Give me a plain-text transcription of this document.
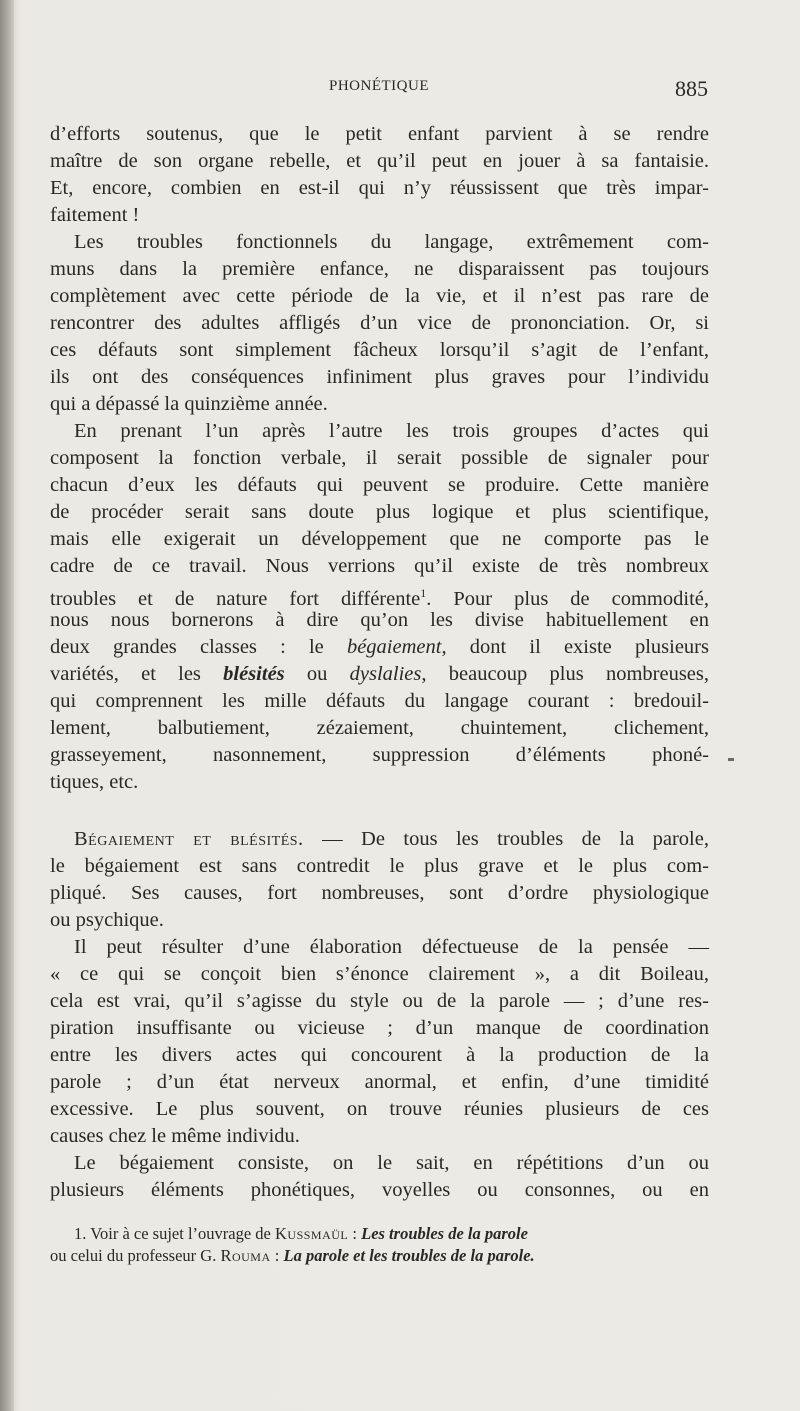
PHONÉTIQUE	885
d’efforts soutenus, que le petit enfant parvient à se rendre
maître de son organe rebelle, et qu’il peut en jouer à sa fantaisie.
Et, encore, combien en est-il qui n’y réussissent que très impar-
faitement !
Les troubles fonctionnels du langage, extrêmement com-
muns dans la première enfance, ne disparaissent pas toujours
complètement avec cette période de la vie, et il n’est pas rare de
rencontrer des adultes affligés d’un vice de prononciation. Or, si
ces défauts sont simplement fâcheux lorsqu’il s’agit de l’enfant,
ils ont des conséquences infiniment plus graves pour l’individu
qui a dépassé la quinzième année.
En prenant l’un après l’autre les trois groupes d’actes qui
composent la fonction verbale, il serait possible de signaler pour
chacun d’eux les défauts qui peuvent se produire. Cette manière
de procéder serait sans doute plus logique et plus scientifique,
mais elle exigerait un développement que ne comporte pas le
cadre de ce travail. Nous verrions qu’il existe de très nombreux
troubles et de nature fort différente$^1$. Pour plus de commodité,
nous nous bornerons à dire qu’on les divise habituellement en
deux grandes classes : le bégaiement, dont il existe plusieurs
variétés, et les blésités ou dyslalies, beaucoup plus nombreuses,
qui comprennent les mille défauts du langage courant : bredouil-
lement, balbutiement, zézaiement, chuintement, clichement,
grasseyement, nasonnement, suppression d’éléments phoné-
tiques, etc.
Bégaiement et blésités. — De tous les troubles de la parole,
le bégaiement est sans contredit le plus grave et le plus com-
pliqué. Ses causes, fort nombreuses, sont d’ordre physiologique
ou psychique.
Il peut résulter d’une élaboration défectueuse de la pensée —
« ce qui se conçoit bien s’énonce clairement », a dit Boileau,
cela est vrai, qu’il s’agisse du style ou de la parole — ; d’une res-
piration insuffisante ou vicieuse ; d’un manque de coordination
entre les divers actes qui concourent à la production de la
parole ; d’un état nerveux anormal, et enfin, d’une timidité
excessive. Le plus souvent, on trouve réunies plusieurs de ces
causes chez le même individu.
Le bégaiement consiste, on le sait, en répétitions d’un ou
plusieurs éléments phonétiques, voyelles ou consonnes, ou en
1. Voir à ce sujet l’ouvrage de Kussmaül : Les troubles de la parole
ou celui du professeur G. Rouma : La parole et les troubles de la parole.
